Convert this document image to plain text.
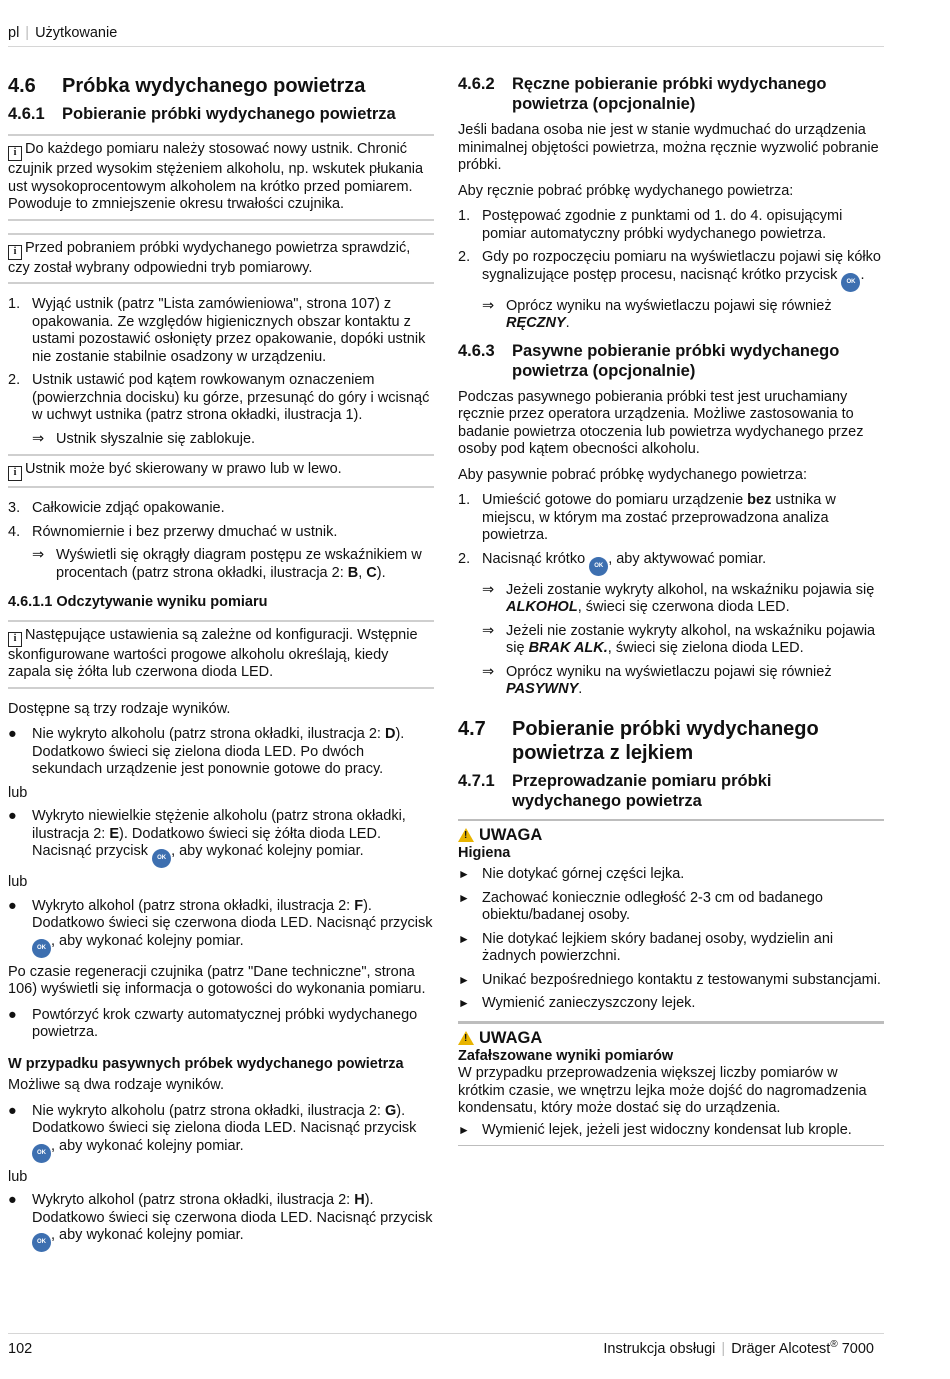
pl | Użytkowanie
4.6	Próbka wydychanego powietrza
4.6.1	Pobieranie próbki wydychanego powietrza
i Do każdego pomiaru należy stosować nowy ustnik. Chronić czujnik przed wysokim stężeniem alkoholu, np. wskutek płukania ust wysokoprocentowym alkoholem na krótko przed pomiarem. Powoduje to zmniejszenie okresu trwałości czujnika.
i Przed pobraniem próbki wydychanego powietrza sprawdzić, czy został wybrany odpowiedni tryb pomiarowy.
1. Wyjąć ustnik (patrz "Lista zamówieniowa", strona 107) z opakowania. Ze względów higienicznych obszar kontaktu z ustami pozostawić osłonięty przez opakowanie, dopóki ustnik nie zostanie stabilnie osadzony w urządzeniu.
2. Ustnik ustawić pod kątem rowkowanym oznaczeniem (powierzchnia docisku) ku górze, przesunąć do góry i wcisnąć w uchwyt ustnika (patrz strona okładki, ilustracja 1).
⇒ Ustnik słyszalnie się zablokuje.
i Ustnik może być skierowany w prawo lub w lewo.
3. Całkowicie zdjąć opakowanie.
4. Równomiernie i bez przerwy dmuchać w ustnik.
⇒ Wyświetli się okrągły diagram postępu ze wskaźnikiem w procentach (patrz strona okładki, ilustracja 2: B, C).
4.6.1.1 Odczytywanie wyniku pomiaru
i Następujące ustawienia są zależne od konfiguracji. Wstępnie skonfigurowane wartości progowe alkoholu określają, kiedy zapala się żółta lub czerwona dioda LED.
Dostępne są trzy rodzaje wyników.
●	Nie wykryto alkoholu (patrz strona okładki, ilustracja 2: D). Dodatkowo świeci się zielona dioda LED. Po dwóch sekundach urządzenie jest ponownie gotowe do pracy.
lub
●	Wykryto niewielkie stężenie alkoholu (patrz strona okładki, ilustracja 2: E). Dodatkowo świeci się żółta dioda LED. Nacisnąć przycisk OK , aby wykonać kolejny pomiar.
lub
●	Wykryto alkohol (patrz strona okładki, ilustracja 2: F). Dodatkowo świeci się czerwona dioda LED. Nacisnąć przycisk OK , aby wykonać kolejny pomiar.
Po czasie regeneracji czujnika (patrz "Dane techniczne", strona 106) wyświetli się informacja o gotowości do wykonania pomiaru.
●	Powtórzyć krok czwarty automatycznej próbki wydychanego powietrza.
W przypadku pasywnych próbek wydychanego powietrza
Możliwe są dwa rodzaje wyników.
●	Nie wykryto alkoholu (patrz strona okładki, ilustracja 2: G). Dodatkowo świeci się zielona dioda LED. Nacisnąć przycisk OK , aby wykonać kolejny pomiar.
lub
●	Wykryto alkohol (patrz strona okładki, ilustracja 2: H). Dodatkowo świeci się czerwona dioda LED. Nacisnąć przycisk OK , aby wykonać kolejny pomiar.
4.6.2	Ręczne pobieranie próbki wydychanego powietrza (opcjonalnie)
Jeśli badana osoba nie jest w stanie wydmuchać do urządzenia minimalnej objętości powietrza, można ręcznie wyzwolić pobranie próbki.
Aby ręcznie pobrać próbkę wydychanego powietrza:
1. Postępować zgodnie z punktami od 1. do 4. opisującymi pomiar automatyczny próbki wydychanego powietrza.
2. Gdy po rozpoczęciu pomiaru na wyświetlaczu pojawi się kółko sygnalizujące postęp procesu, nacisnąć krótko przycisk OK .
⇒ Oprócz wyniku na wyświetlaczu pojawi się również RĘCZNY.
4.6.3	Pasywne pobieranie próbki wydychanego powietrza (opcjonalnie)
Podczas pasywnego pobierania próbki test jest uruchamiany ręcznie przez operatora urządzenia. Możliwe zastosowania to badanie powietrza otoczenia lub powietrza wydychanego przez osoby pod kątem obecności alkoholu.
Aby pasywnie pobrać próbkę wydychanego powietrza:
1. Umieścić gotowe do pomiaru urządzenie bez ustnika w miejscu, w którym ma zostać przeprowadzona analiza powietrza.
2. Nacisnąć krótko OK , aby aktywować pomiar.
⇒ Jeżeli zostanie wykryty alkohol, na wskaźniku pojawia się ALKOHOL, świeci się czerwona dioda LED.
⇒ Jeżeli nie zostanie wykryty alkohol, na wskaźniku pojawia się BRAK ALK., świeci się zielona dioda LED.
⇒ Oprócz wyniku na wyświetlaczu pojawi się również PASYWNY.
4.7	Pobieranie próbki wydychanego powietrza z lejkiem
4.7.1	Przeprowadzanie pomiaru próbki wydychanego powietrza
! UWAGA
Higiena
► Nie dotykać górnej części lejka.
► Zachować koniecznie odległość 2-3 cm od badanego obiektu/badanej osoby.
► Nie dotykać lejkiem skóry badanej osoby, wydzielin ani żadnych powierzchni.
► Unikać bezpośredniego kontaktu z testowanymi substancjami.
► Wymienić zanieczyszczony lejek.
! UWAGA
Zafałszowane wyniki pomiarów
W przypadku przeprowadzenia większej liczby pomiarów w krótkim czasie, we wnętrzu lejka może dojść do nagromadzenia kondensatu, który może dostać się do urządzenia.
► Wymienić lejek, jeżeli jest widoczny kondensat lub krople.
102	Instrukcja obsługi | Dräger Alcotest® 7000
